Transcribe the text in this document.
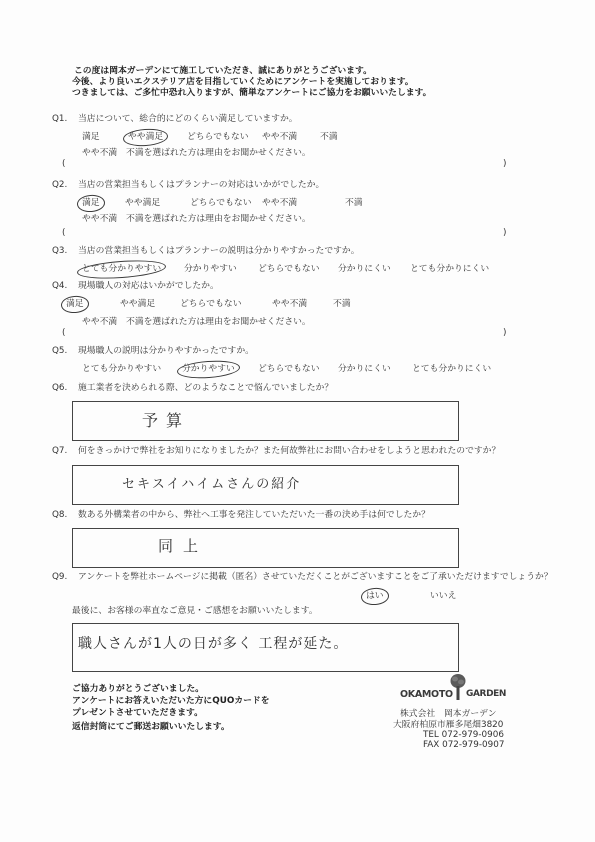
この度は岡本ガーデンにて施工していただき、誠にありがとうございます。
今後、より良いエクステリア店を目指していくためにアンケートを実施しております。
つきましては、ご多忙中恐れ入りますが、簡単なアンケートにご協力をお願いいたします。
Q1. 当店について、総合的にどのくらい満足していますか。
満足	やや満足	どちらでもない やや不満	不満
やや不満　不満を選ばれた方は理由をお聞かせください。
(	)
Q2. 当店の営業担当もしくはプランナーの対応はいかがでしたか。
満足	やや満足	どちらでもない やや不満	不満
やや不満　不満を選ばれた方は理由をお聞かせください。
(	)
Q3. 当店の営業担当もしくはプランナーの説明は分かりやすかったですか。
とても分かりやすい	分かりやすい どちらでもない 分かりにくい とても分かりにくい
Q4. 現場職人の対応はいかがでしたか。
満足	やや満足	どちらでもない	やや不満	不満
やや不満　不満を選ばれた方は理由をお聞かせください。
(	)
Q5. 現場職人の説明は分かりやすかったですか。
とても分かりやすい 分かりやすい	どちらでもない 分かりにくい とても分かりにくい
Q6. 施工業者を決められる際、どのようなことで悩んでいましたか？
予算
Q7. 何をきっかけで弊社をお知りになりましたか？また何故弊社にお問い合わせをしようと思われたのですか？
セキスイハイムさんの紹介
Q8. 数ある外構業者の中から、弊社へ工事を発注していただいた一番の決め手は何でしたか？
同上
Q9. アンケートを弊社ホームページに掲載（匿名）させていただくことがございますことをご了承いただけますでしょうか？
はい	いいえ
最後に、お客様の率直なご意見・ご感想をお願いいたします。
職人さんが1人の日が多く 工程が延た。
ご協力ありがとうございました。
アンケートにお答えいただいた方にQUOカードを
プレゼントさせていただきます。
返信封筒にてご郵送お願いいたします。
OKAMOTO GARDEN
株式会社　岡本ガーデン
大阪府柏原市雁多尾畑3820
TEL 072-979-0906
FAX 072-979-0907
